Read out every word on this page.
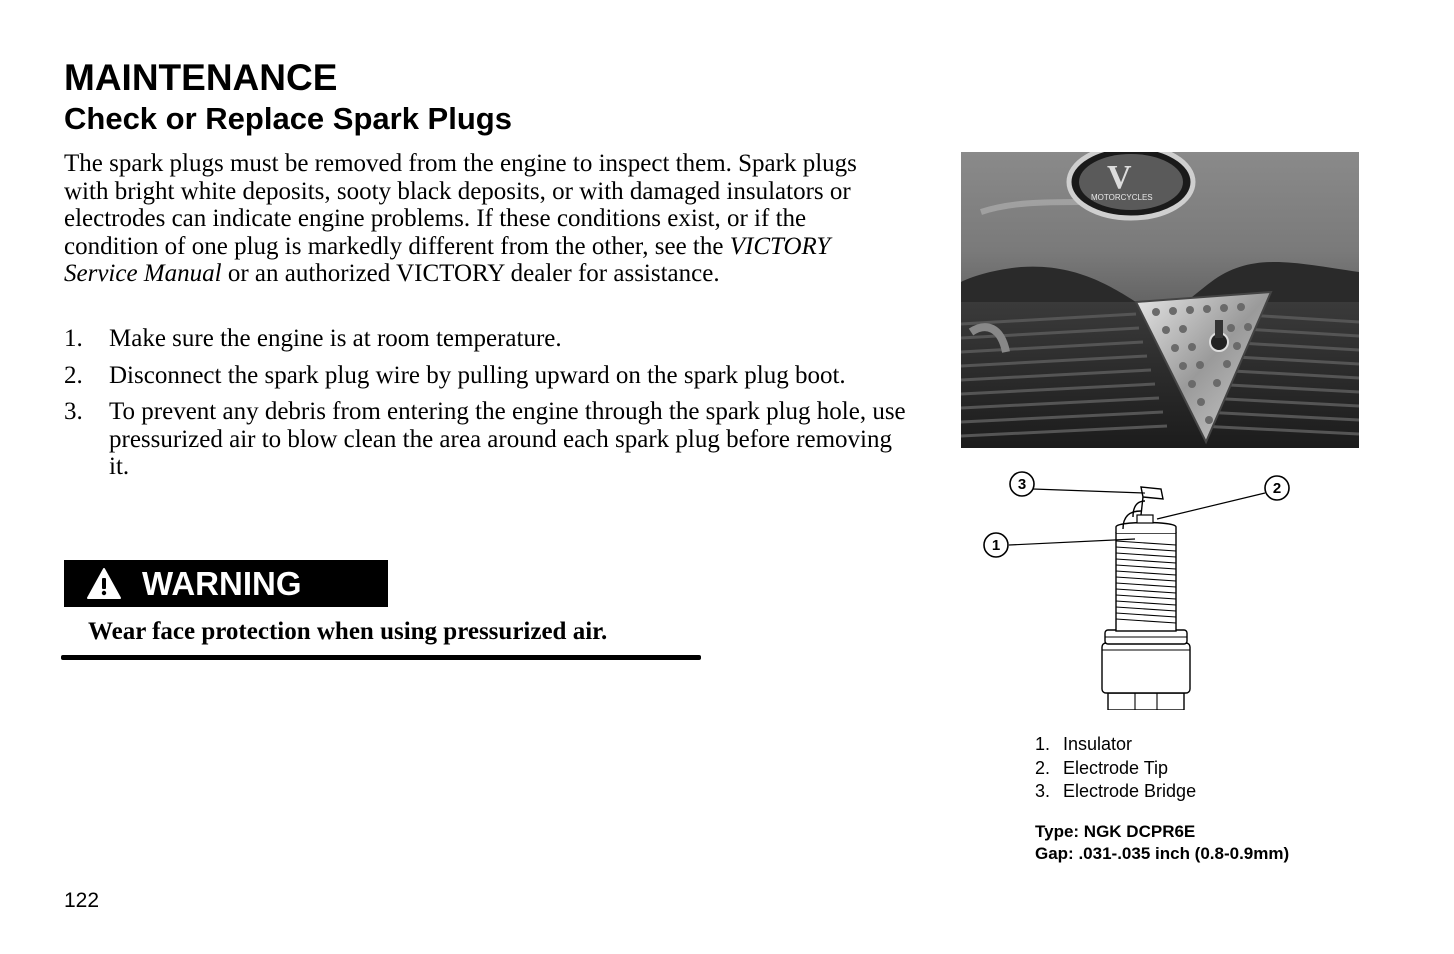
MAINTENANCE
Check or Replace Spark Plugs

The spark plugs must be removed from the engine to inspect them. Spark plugs with bright white deposits, sooty black deposits, or with damaged insulators or electrodes can indicate engine problems. If these conditions exist, or if the condition of one plug is markedly different from the other, see the VICTORY Service Manual or an authorized VICTORY dealer for assistance.

1. Make sure the engine is at room temperature.
2. Disconnect the spark plug wire by pulling upward on the spark plug boot.
3. To prevent any debris from entering the engine through the spark plug hole, use pressurized air to blow clean the area around each spark plug before removing it.
WARNING

Wear face protection when using pressurized air.

V
MOTORCYCLES
3	2
1
1. Insulator
2. Electrode Tip
3. Electrode Bridge
Type: NGK DCPR6E
Gap: .031-.035 inch (0.8-0.9mm)
122
